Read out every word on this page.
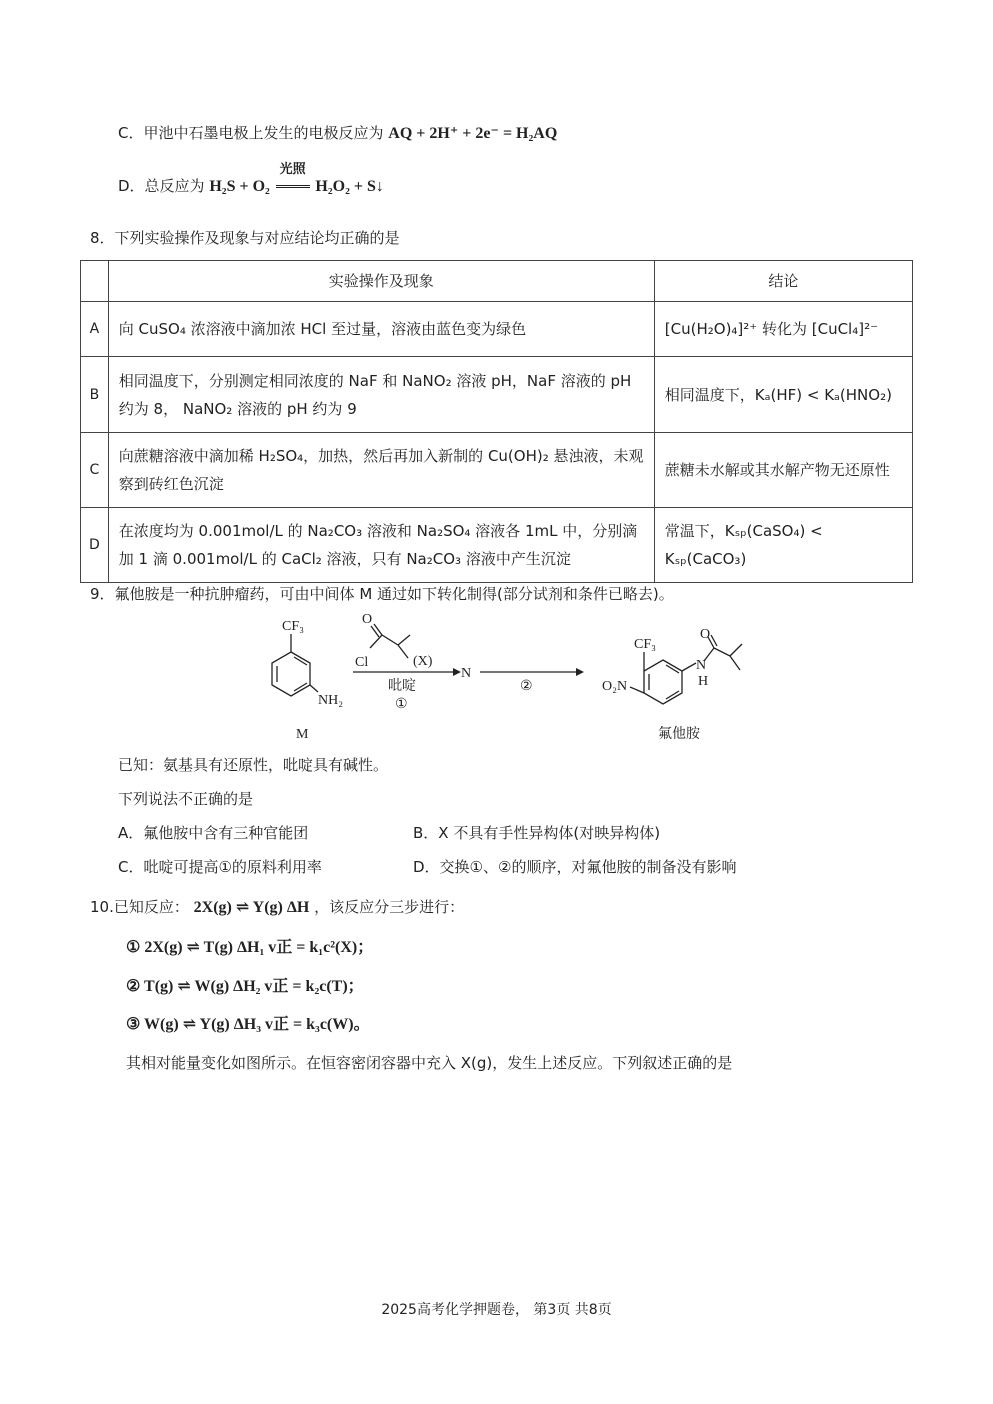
C．甲池中石墨电极上发生的电极反应为 AQ + 2H⁺ + 2e⁻ = H₂AQ
D．总反应为 H₂S + O₂
光照
H₂O₂ + S↓
8．下列实验操作及现象与对应结论均正确的是
	实验操作及现象	结论
A	向 CuSO₄ 浓溶液中滴加浓 HCl 至过量，溶液由蓝色变为绿色	[Cu(H₂O)₄]²⁺ 转化为 [CuCl₄]²⁻
B	相同温度下，分别测定相同浓度的 NaF 和 NaNO₂ 溶液 pH，NaF 溶液的 pH 约为 8， NaNO₂ 溶液的 pH 约为 9	相同温度下，Kₐ(HF) < Kₐ(HNO₂)
C	向蔗糖溶液中滴加稀 H₂SO₄，加热，然后再加入新制的 Cu(OH)₂ 悬浊液，未观察到砖红色沉淀	蔗糖未水解或其水解产物无还原性
D	在浓度均为 0.001mol/L 的 Na₂CO₃ 溶液和 Na₂SO₄ 溶液各 1mL 中，分别滴加 1 滴 0.001mol/L 的 CaCl₂ 溶液，只有 Na₂CO₃ 溶液中产生沉淀	常温下，Kₛₚ(CaSO₄) < Kₛₚ(CaCO₃)
9．氟他胺是一种抗肿瘤药，可由中间体 M 通过如下转化制得(部分试剂和条件已略去)。
CF₃
NH₂
M
O
Cl	(X)
吡啶
①
N
②
CF₃
O₂N
N
H
O
氟他胺
已知：氨基具有还原性，吡啶具有碱性。
下列说法不正确的是
A．氟他胺中含有三种官能团	B．X 不具有手性异构体(对映异构体)
C．吡啶可提高①的原料利用率	D．交换①、②的顺序，对氟他胺的制备没有影响
10.已知反应： 2X(g) ⇌ Y(g) ΔH ，该反应分三步进行：
① 2X(g) ⇌ T(g) ΔH₁ v正 = k₁c²(X)；
② T(g) ⇌ W(g) ΔH₂ v正 = k₂c(T)；
③ W(g) ⇌ Y(g) ΔH₃ v正 = k₃c(W)。
其相对能量变化如图所示。在恒容密闭容器中充入 X(g)，发生上述反应。下列叙述正确的是
2025高考化学押题卷， 第3页 共8页
